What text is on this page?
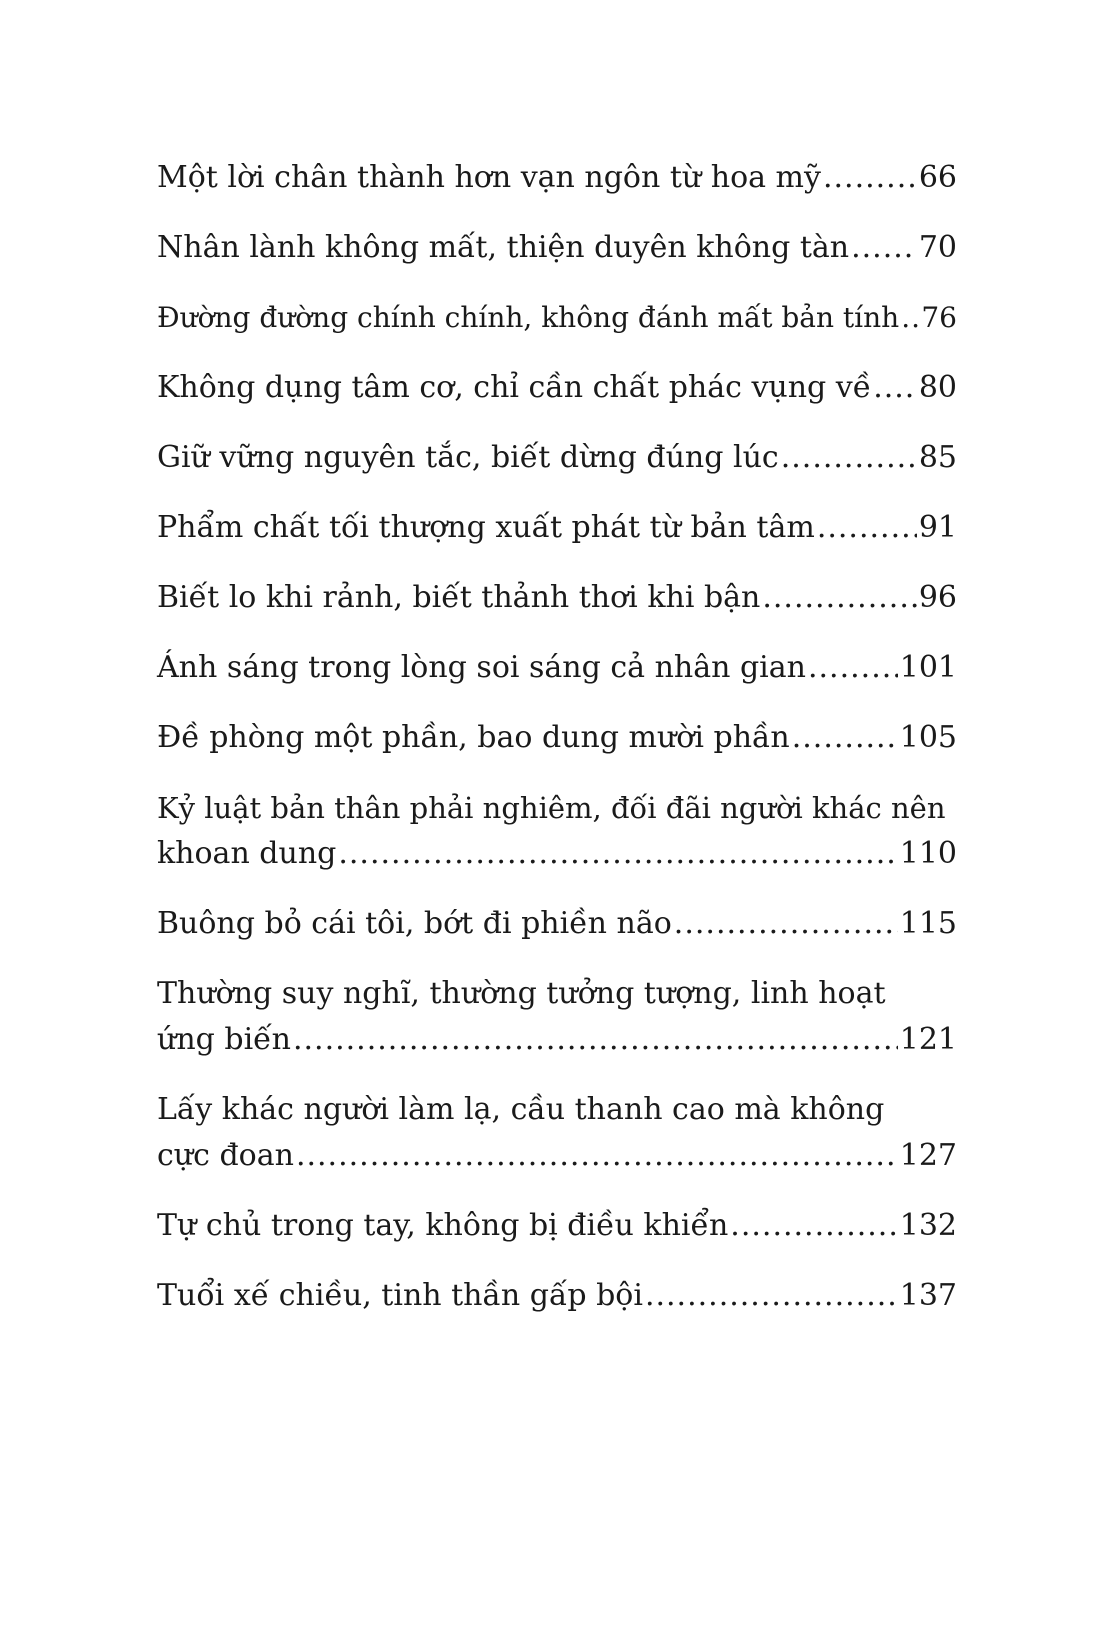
Một lời chân thành hơn vạn ngôn từ hoa mỹ .....	66
Nhân lành không mất, thiện duyên không tàn ..... 70
Đường đường chính chính, không đánh mất bản tính ..... 76
Không dụng tâm cơ, chỉ cần chất phác vụng về ..... 80
Giữ vững nguyên tắc, biết dừng đúng lúc .....	85
Phẩm chất tối thượng xuất phát từ bản tâm .....	91
Biết lo khi rảnh, biết thảnh thơi khi bận .....	96
Ánh sáng trong lòng soi sáng cả nhân gian .....	101
Đề phòng một phần, bao dung mười phần .....	105
Kỷ luật bản thân phải nghiêm, đối đãi người khác nên
khoan dung .....	110
Buông bỏ cái tôi, bớt đi phiền não .....	115
Thường suy nghĩ, thường tưởng tượng, linh hoạt
ứng biến .....	121
Lấy khác người làm lạ, cầu thanh cao mà không
cực đoan .....	127
Tự chủ trong tay, không bị điều khiển .....	132
Tuổi xế chiều, tinh thần gấp bội .....	137
